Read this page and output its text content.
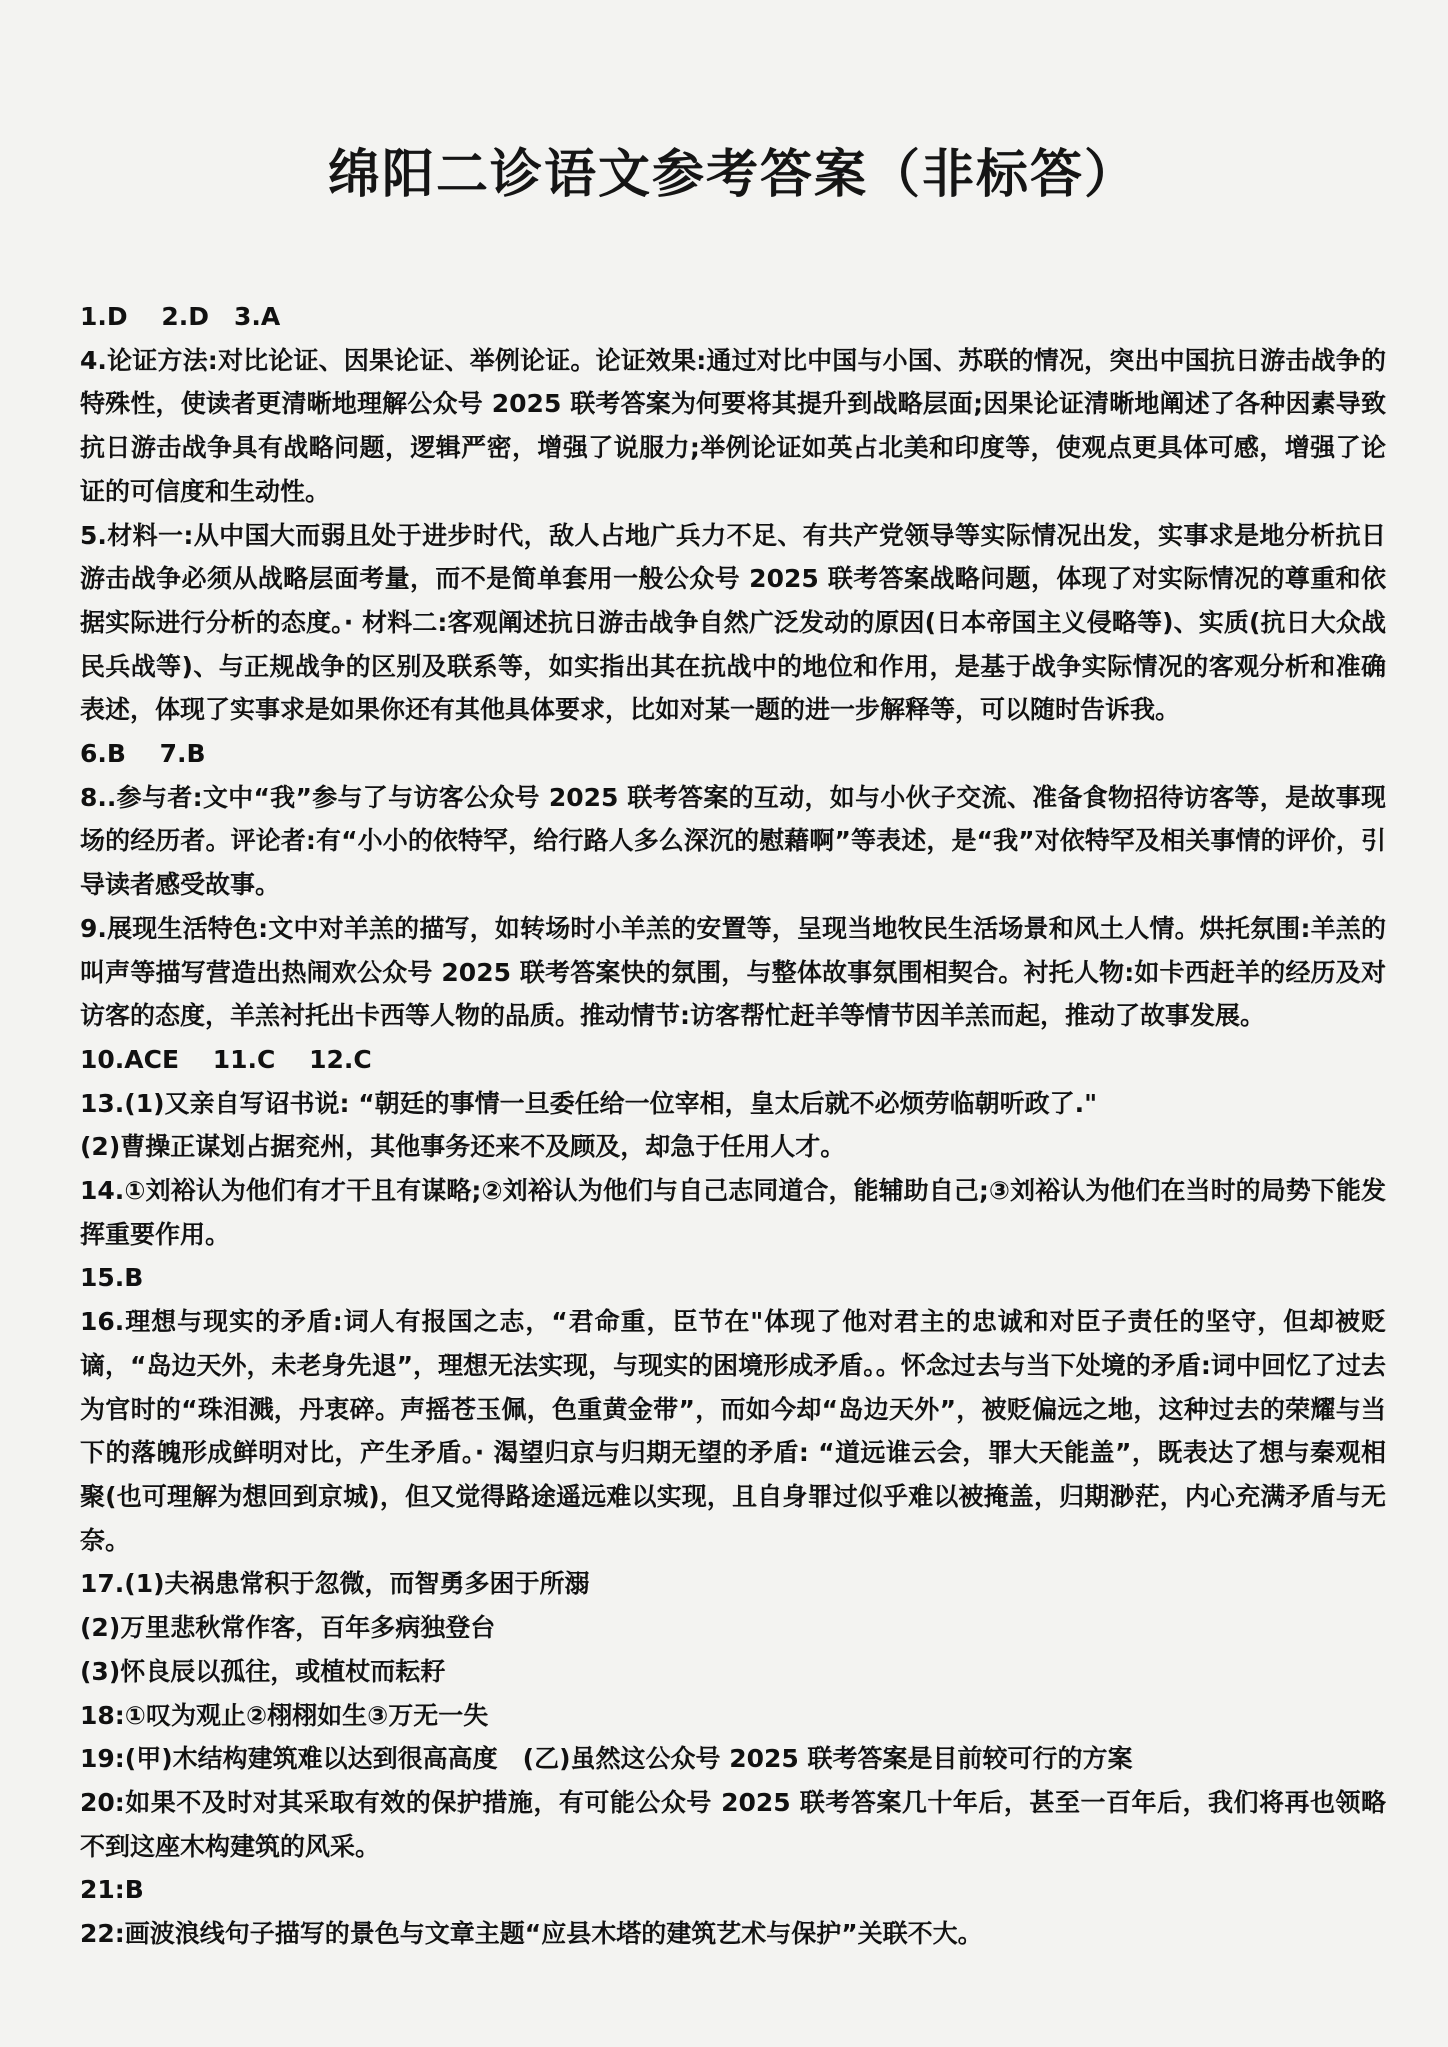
绵阳二诊语文参考答案（非标答）

1.D　 2.D　3.A

4.论证方法:对比论证、因果论证、举例论证。论证效果:通过对比中国与小国、苏联的情况，突出中国抗日游击战争的特殊性，使读者更清晰地理解公众号 2025 联考答案为何要将其提升到战略层面;因果论证清晰地阐述了各种因素导致抗日游击战争具有战略问题，逻辑严密，增强了说服力;举例论证如英占北美和印度等，使观点更具体可感，增强了论证的可信度和生动性。

5.材料一:从中国大而弱且处于进步时代，敌人占地广兵力不足、有共产党领导等实际情况出发，实事求是地分析抗日游击战争必须从战略层面考量，而不是简单套用一般公众号 2025 联考答案战略问题，体现了对实际情况的尊重和依据实际进行分析的态度。· 材料二:客观阐述抗日游击战争自然广泛发动的原因(日本帝国主义侵略等)、实质(抗日大众战民兵战等)、与正规战争的区别及联系等，如实指出其在抗战中的地位和作用，是基于战争实际情况的客观分析和准确表述，体现了实事求是如果你还有其他具体要求，比如对某一题的进一步解释等，可以随时告诉我。

6.B　 7.B

8..参与者:文中“我”参与了与访客公众号 2025 联考答案的互动，如与小伙子交流、准备食物招待访客等，是故事现场的经历者。评论者:有“小小的依特罕，给行路人多么深沉的慰藉啊”等表述，是“我”对依特罕及相关事情的评价，引导读者感受故事。

9.展现生活特色:文中对羊羔的描写，如转场时小羊羔的安置等，呈现当地牧民生活场景和风土人情。烘托氛围:羊羔的叫声等描写营造出热闹欢公众号 2025 联考答案快的氛围，与整体故事氛围相契合。衬托人物:如卡西赶羊的经历及对访客的态度，羊羔衬托出卡西等人物的品质。推动情节:访客帮忙赶羊等情节因羊羔而起，推动了故事发展。

10.ACE　 11.C　 12.C

13.(1)又亲自写诏书说: “朝廷的事情一旦委任给一位宰相，皇太后就不必烦劳临朝听政了."

(2)曹操正谋划占据兖州，其他事务还来不及顾及，却急于任用人才。

14.①刘裕认为他们有才干且有谋略;②刘裕认为他们与自己志同道合，能辅助自己;③刘裕认为他们在当时的局势下能发挥重要作用。

15.B

16.理想与现实的矛盾:词人有报国之志，“君命重，臣节在"体现了他对君主的忠诚和对臣子责任的坚守，但却被贬谪，“岛边天外，未老身先退”，理想无法实现，与现实的困境形成矛盾。。怀念过去与当下处境的矛盾:词中回忆了过去为官时的“珠泪溅，丹衷碎。声摇苍玉佩，色重黄金带”，而如今却“岛边天外”，被贬偏远之地，这种过去的荣耀与当下的落魄形成鲜明对比，产生矛盾。· 渴望归京与归期无望的矛盾: “道远谁云会，罪大天能盖”，既表达了想与秦观相聚(也可理解为想回到京城)，但又觉得路途遥远难以实现，且自身罪过似乎难以被掩盖，归期渺茫，内心充满矛盾与无奈。

17.(1)夫祸患常积于忽微，而智勇多困于所溺

(2)万里悲秋常作客，百年多病独登台

(3)怀良辰以孤往，或植杖而耘耔

18:①叹为观止②栩栩如生③万无一失

19:(甲)木结构建筑难以达到很高高度　(乙)虽然这公众号 2025 联考答案是目前较可行的方案

20:如果不及时对其采取有效的保护措施，有可能公众号 2025 联考答案几十年后，甚至一百年后，我们将再也领略不到这座木构建筑的风采。

21:B

22:画波浪线句子描写的景色与文章主题“应县木塔的建筑艺术与保护”关联不大。
